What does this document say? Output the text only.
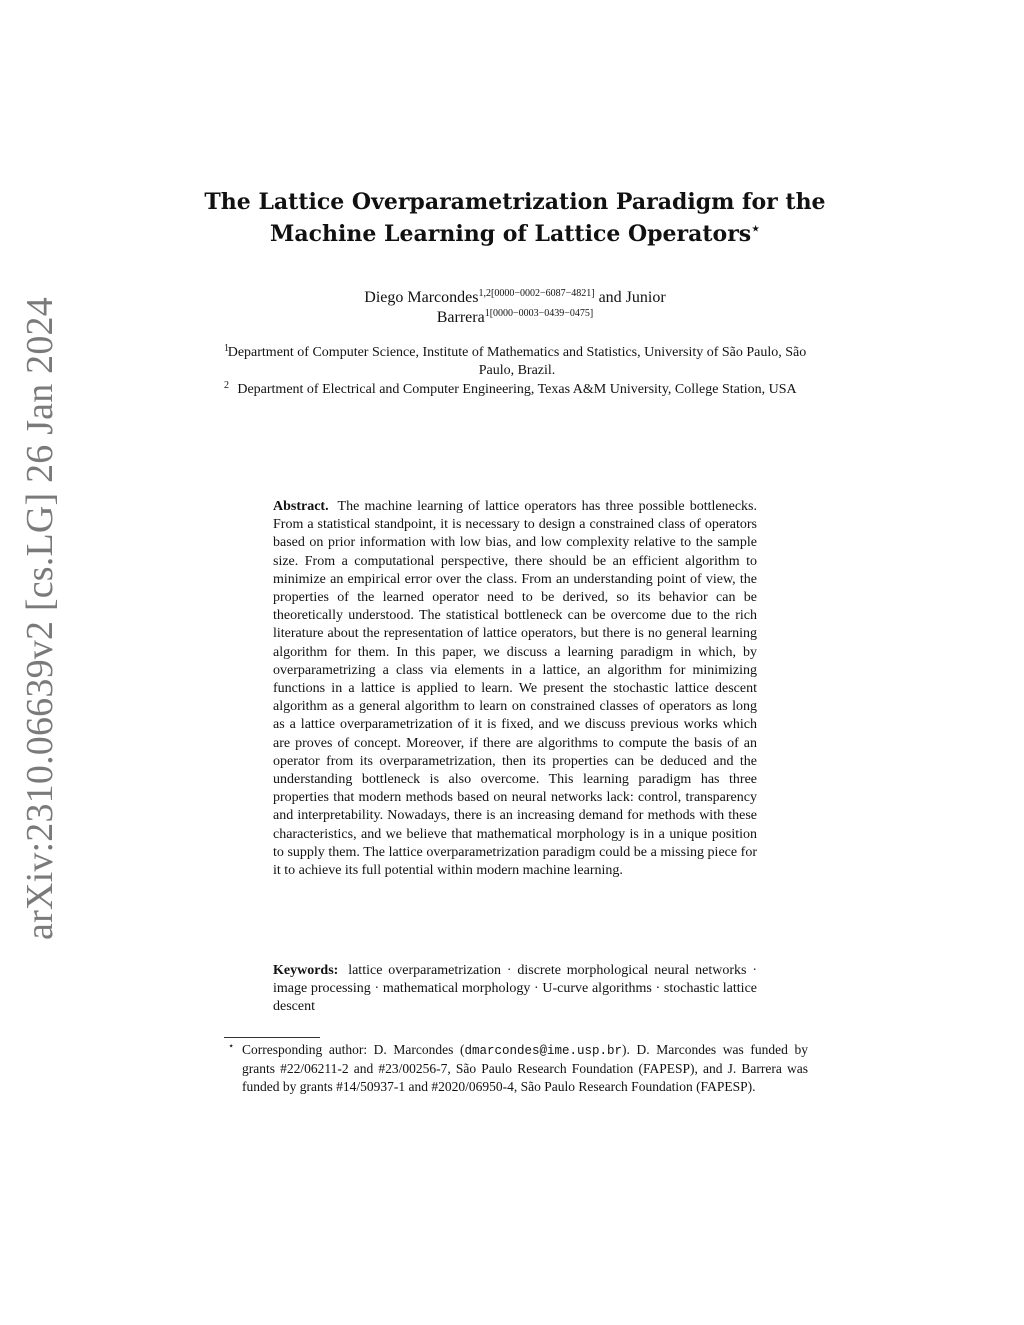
arXiv:2310.06639v2 [cs.LG] 26 Jan 2024
The Lattice Overparametrization Paradigm for the
Machine Learning of Lattice Operators⋆
Diego Marcondes$^{1,2[0000-0002-6087-4821]}$ and Junior
Barrera$^{1[0000-0003-0439-0475]}$
1
Department of Computer Science, Institute of Mathematics and Statistics, University of São Paulo, São Paulo, Brazil.
2 Department of Electrical and Computer Engineering, Texas A&M University, College Station, USA
Abstract. The machine learning of lattice operators has three possible bottlenecks. From a statistical standpoint, it is necessary to design a constrained class of operators based on prior information with low bias, and low complexity relative to the sample size. From a computational perspective, there should be an efficient algorithm to minimize an empirical error over the class. From an understanding point of view, the properties of the learned operator need to be derived, so its behavior can be theoretically understood. The statistical bottleneck can be overcome due to the rich literature about the representation of lattice operators, but there is no general learning algorithm for them. In this paper, we discuss a learning paradigm in which, by overparametrizing a class via elements in a lattice, an algorithm for minimizing functions in a lattice is applied to learn. We present the stochastic lattice descent algorithm as a general algorithm to learn on constrained classes of operators as long as a lattice overparametrization of it is fixed, and we discuss previous works which are proves of concept. Moreover, if there are algorithms to compute the basis of an operator from its overparametrization, then its properties can be deduced and the understanding bottleneck is also overcome. This learning paradigm has three properties that modern methods based on neural networks lack: control, transparency and interpretability. Nowadays, there is an increasing demand for methods with these characteristics, and we believe that mathematical morphology is in a unique position to supply them. The lattice overparametrization paradigm could be a missing piece for it to achieve its full potential within modern machine learning.
Keywords: lattice overparametrization · discrete morphological neural networks · image processing · mathematical morphology · U-curve algorithms · stochastic lattice descent
⋆ Corresponding author: D. Marcondes (dmarcondes@ime.usp.br). D. Marcondes was funded by grants #22/06211-2 and #23/00256-7, São Paulo Research Foundation (FAPESP), and J. Barrera was funded by grants #14/50937-1 and #2020/06950-4, São Paulo Research Foundation (FAPESP).
